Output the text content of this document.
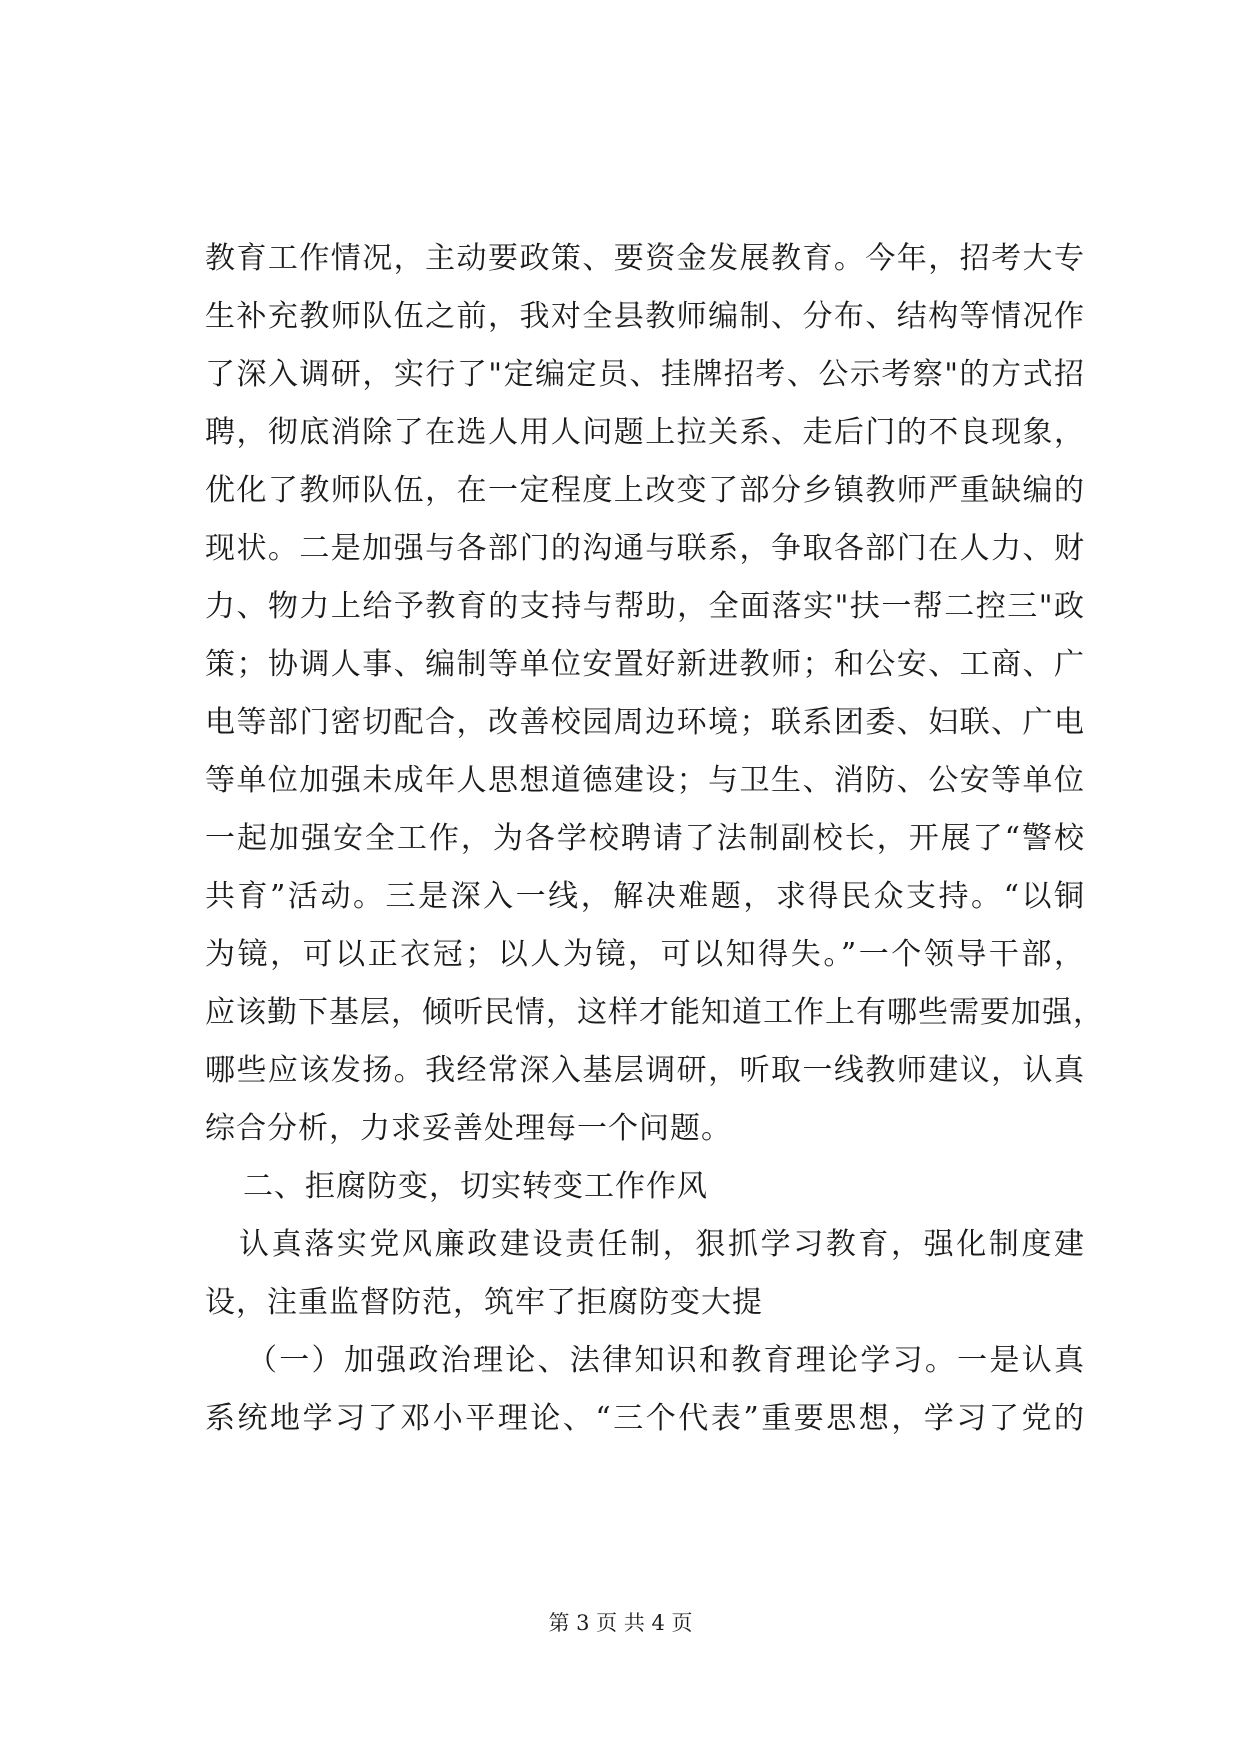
教育工作情况，主动要政策、要资金发展教育。今年，招考大专
生补充教师队伍之前，我对全县教师编制、分布、结构等情况作
了深入调研，实行了"定编定员、挂牌招考、公示考察"的方式招
聘，彻底消除了在选人用人问题上拉关系、走后门的不良现象，
优化了教师队伍，在一定程度上改变了部分乡镇教师严重缺编的
现状。二是加强与各部门的沟通与联系，争取各部门在人力、财
力、物力上给予教育的支持与帮助，全面落实"扶一帮二控三"政
策；协调人事、编制等单位安置好新进教师；和公安、工商、广
电等部门密切配合，改善校园周边环境；联系团委、妇联、广电
等单位加强未成年人思想道德建设；与卫生、消防、公安等单位
一起加强安全工作，为各学校聘请了法制副校长，开展了“警校
共育”活动。三是深入一线，解决难题，求得民众支持。“以铜
为镜，可以正衣冠；以人为镜，可以知得失。”一个领导干部，
应该勤下基层，倾听民情，这样才能知道工作上有哪些需要加强，
哪些应该发扬。我经常深入基层调研，听取一线教师建议，认真
综合分析，力求妥善处理每一个问题。
二、拒腐防变，切实转变工作作风
认真落实党风廉政建设责任制，狠抓学习教育，强化制度建
设，注重监督防范，筑牢了拒腐防变大提
（一）加强政治理论、法律知识和教育理论学习。一是认真
系统地学习了邓小平理论、“三个代表”重要思想，学习了党的
第 3 页 共 4 页
